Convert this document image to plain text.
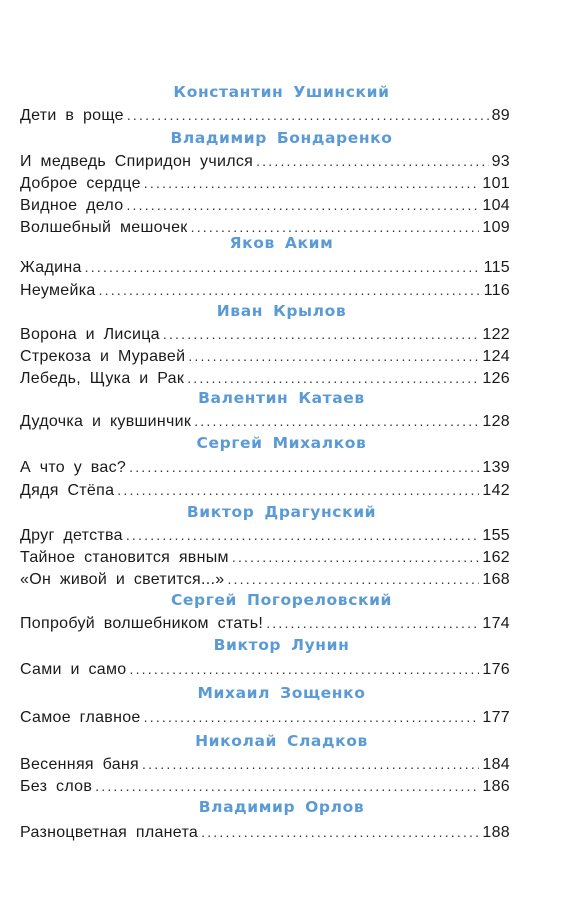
Константин Ушинский
Дети в роще .....	89
Владимир Бондаренко
И медведь Спиридон учился .....	93
Доброе сердце .....	101
Видное дело .....	104
Волшебный мешочек .....	109
Яков Аким
Жадина .....	115
Неумейка .....	116
Иван Крылов
Ворона и Лисица .....	122
Стрекоза и Муравей .....	124
Лебедь, Щука и Рак .....	126
Валентин Катаев
Дудочка и кувшинчик .....	128
Сергей Михалков
А что у вас? .....	139
Дядя Стёпа .....	142
Виктор Драгунский
Друг детства .....	155
Тайное становится явным .....	162
«Он живой и светится...» .....	168
Сергей Погореловский
Попробуй волшебником стать! .....	174
Виктор Лунин
Сами и само .....	176
Михаил Зощенко
Самое главное .....	177
Николай Сладков
Весенняя баня .....	184
Без слов .....	186
Владимир Орлов
Разноцветная планета .....	188
